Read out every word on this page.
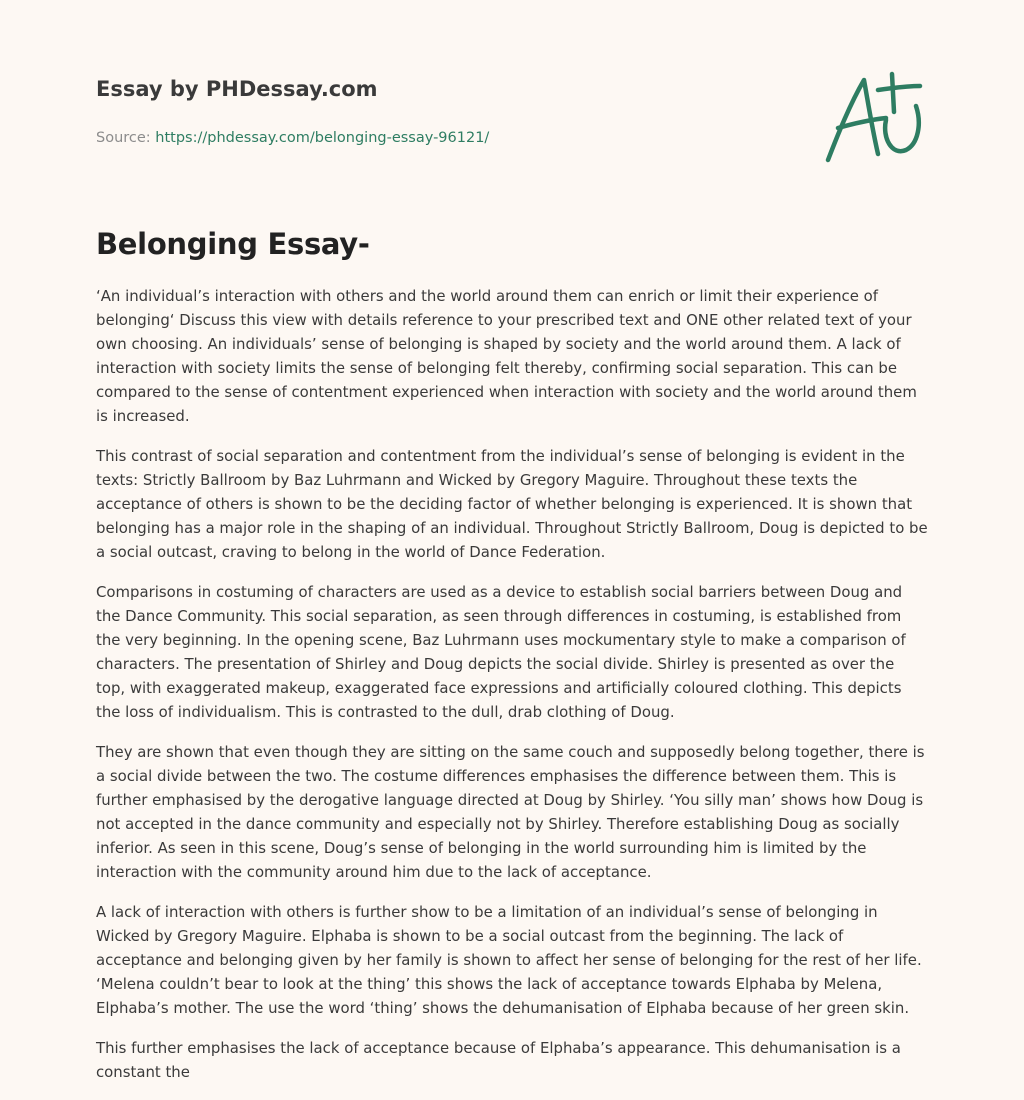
Essay by PHDessay.com
Source: https://phdessay.com/belonging-essay-96121/
Belonging Essay-

‘An individual’s interaction with others and the world around them can enrich or limit their experience of belonging‘ Discuss this view with details reference to your prescribed text and ONE other related text of your own choosing. An individuals’ sense of belonging is shaped by society and the world around them. A lack of interaction with society limits the sense of belonging felt thereby, confirming social separation. This can be compared to the sense of contentment experienced when interaction with society and the world around them is increased.

This contrast of social separation and contentment from the individual’s sense of belonging is evident in the texts: Strictly Ballroom by Baz Luhrmann and Wicked by Gregory Maguire. Throughout these texts the acceptance of others is shown to be the deciding factor of whether belonging is experienced. It is shown that belonging has a major role in the shaping of an individual. Throughout Strictly Ballroom, Doug is depicted to be a social outcast, craving to belong in the world of Dance Federation.

Comparisons in costuming of characters are used as a device to establish social barriers between Doug and the Dance Community. This social separation, as seen through differences in costuming, is established from the very beginning. In the opening scene, Baz Luhrmann uses mockumentary style to make a comparison of characters. The presentation of Shirley and Doug depicts the social divide. Shirley is presented as over the top, with exaggerated makeup, exaggerated face expressions and artificially coloured clothing. This depicts the loss of individualism. This is contrasted to the dull, drab clothing of Doug.

They are shown that even though they are sitting on the same couch and supposedly belong together, there is a social divide between the two. The costume differences emphasises the difference between them. This is further emphasised by the derogative language directed at Doug by Shirley. ‘You silly man’ shows how Doug is not accepted in the dance community and especially not by Shirley. Therefore establishing Doug as socially inferior. As seen in this scene, Doug’s sense of belonging in the world surrounding him is limited by the interaction with the community around him due to the lack of acceptance.

A lack of interaction with others is further show to be a limitation of an individual’s sense of belonging in Wicked by Gregory Maguire. Elphaba is shown to be a social outcast from the beginning. The lack of acceptance and belonging given by her family is shown to affect her sense of belonging for the rest of her life. ‘Melena couldn’t bear to look at the thing’ this shows the lack of acceptance towards Elphaba by Melena, Elphaba’s mother. The use the word ‘thing’ shows the dehumanisation of Elphaba because of her green skin.

This further emphasises the lack of acceptance because of Elphaba’s appearance. This dehumanisation is a constant the
